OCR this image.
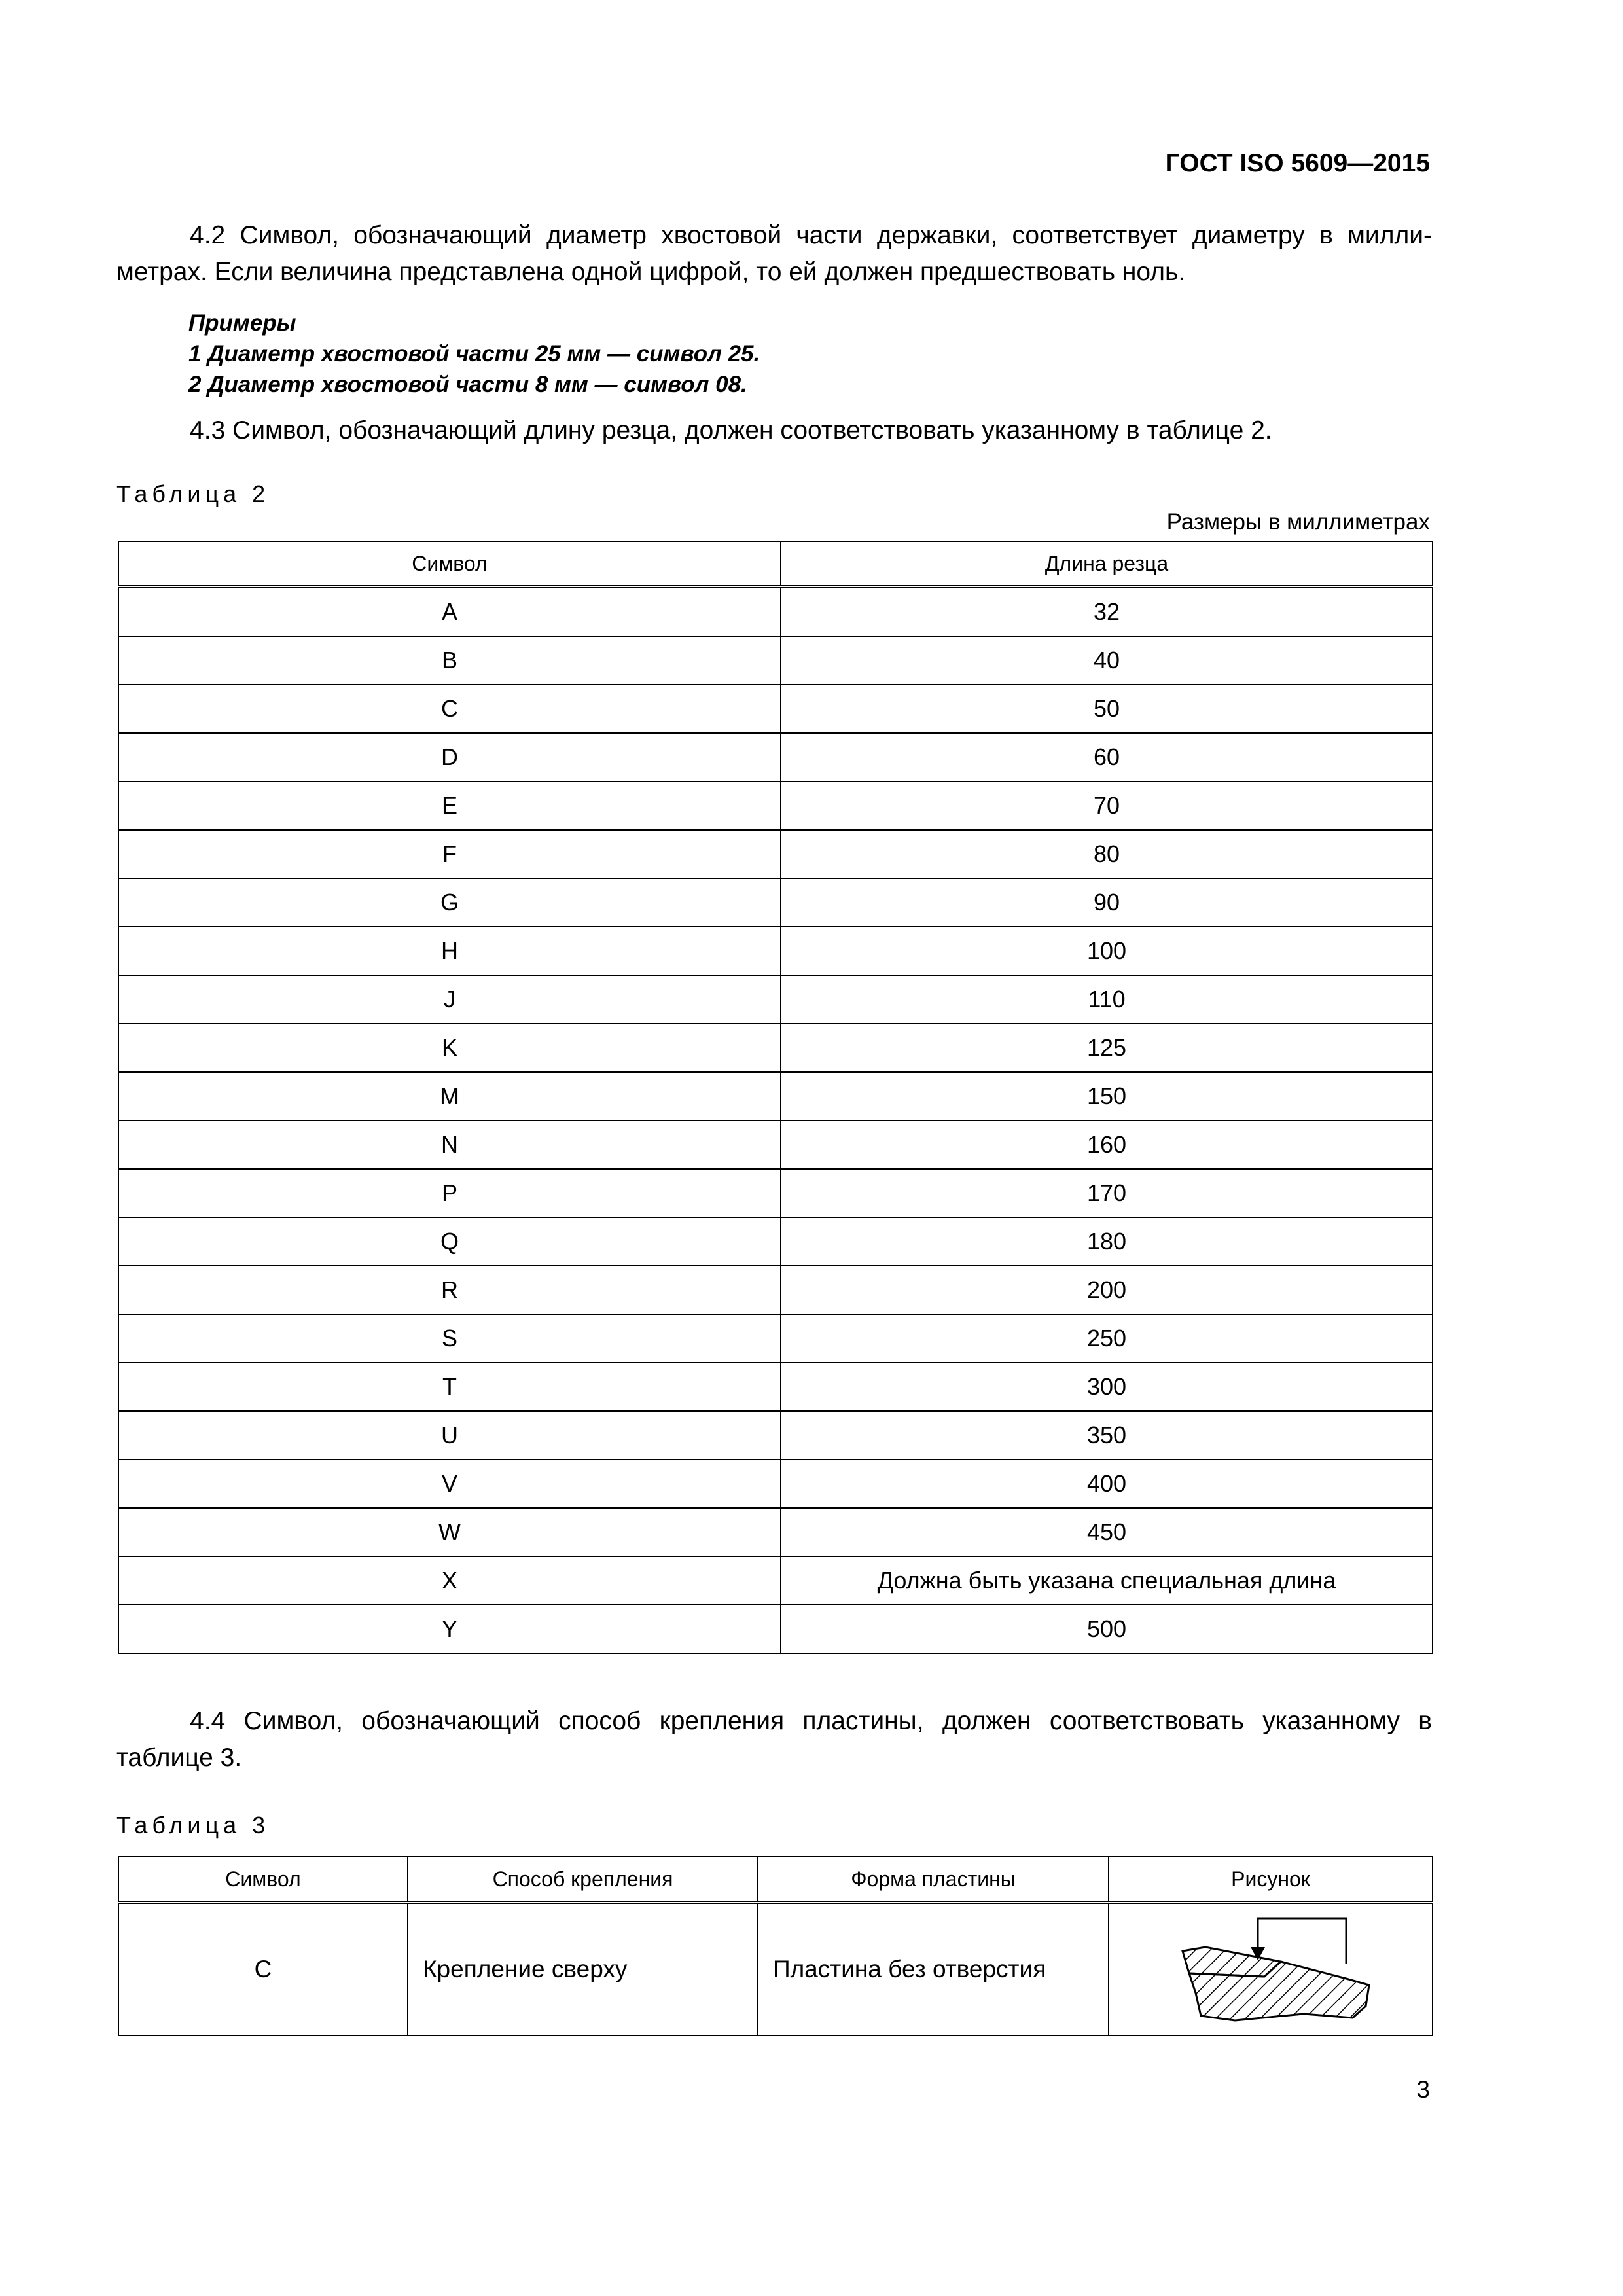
ГОСТ ISO 5609—2015
4.2 Символ, обозначающий диаметр хвостовой части державки, соответствует диаметру в милли-
метрах. Если величина представлена одной цифрой, то ей должен предшествовать ноль.
Примеры
1 Диаметр хвостовой части 25 мм — символ 25.
2 Диаметр хвостовой части 8 мм — символ 08.
4.3 Символ, обозначающий длину резца, должен соответствовать указанному в таблице 2.
Таблица 2
Размеры в миллиметрах
Символ	Длина резца
A	32
B	40
C	50
D	60
E	70
F	80
G	90
H	100
J	110
K	125
M	150
N	160
P	170
Q	180
R	200
S	250
T	300
U	350
V	400
W	450
X	Должна быть указана специальная длина
Y	500
4.4 Символ, обозначающий способ крепления пластины, должен соответствовать указанному в
таблице 3.
Таблица 3
Символ	Способ крепления	Форма пластины	Рисунок
C	Крепление сверху	Пластина без отверстия	
3
